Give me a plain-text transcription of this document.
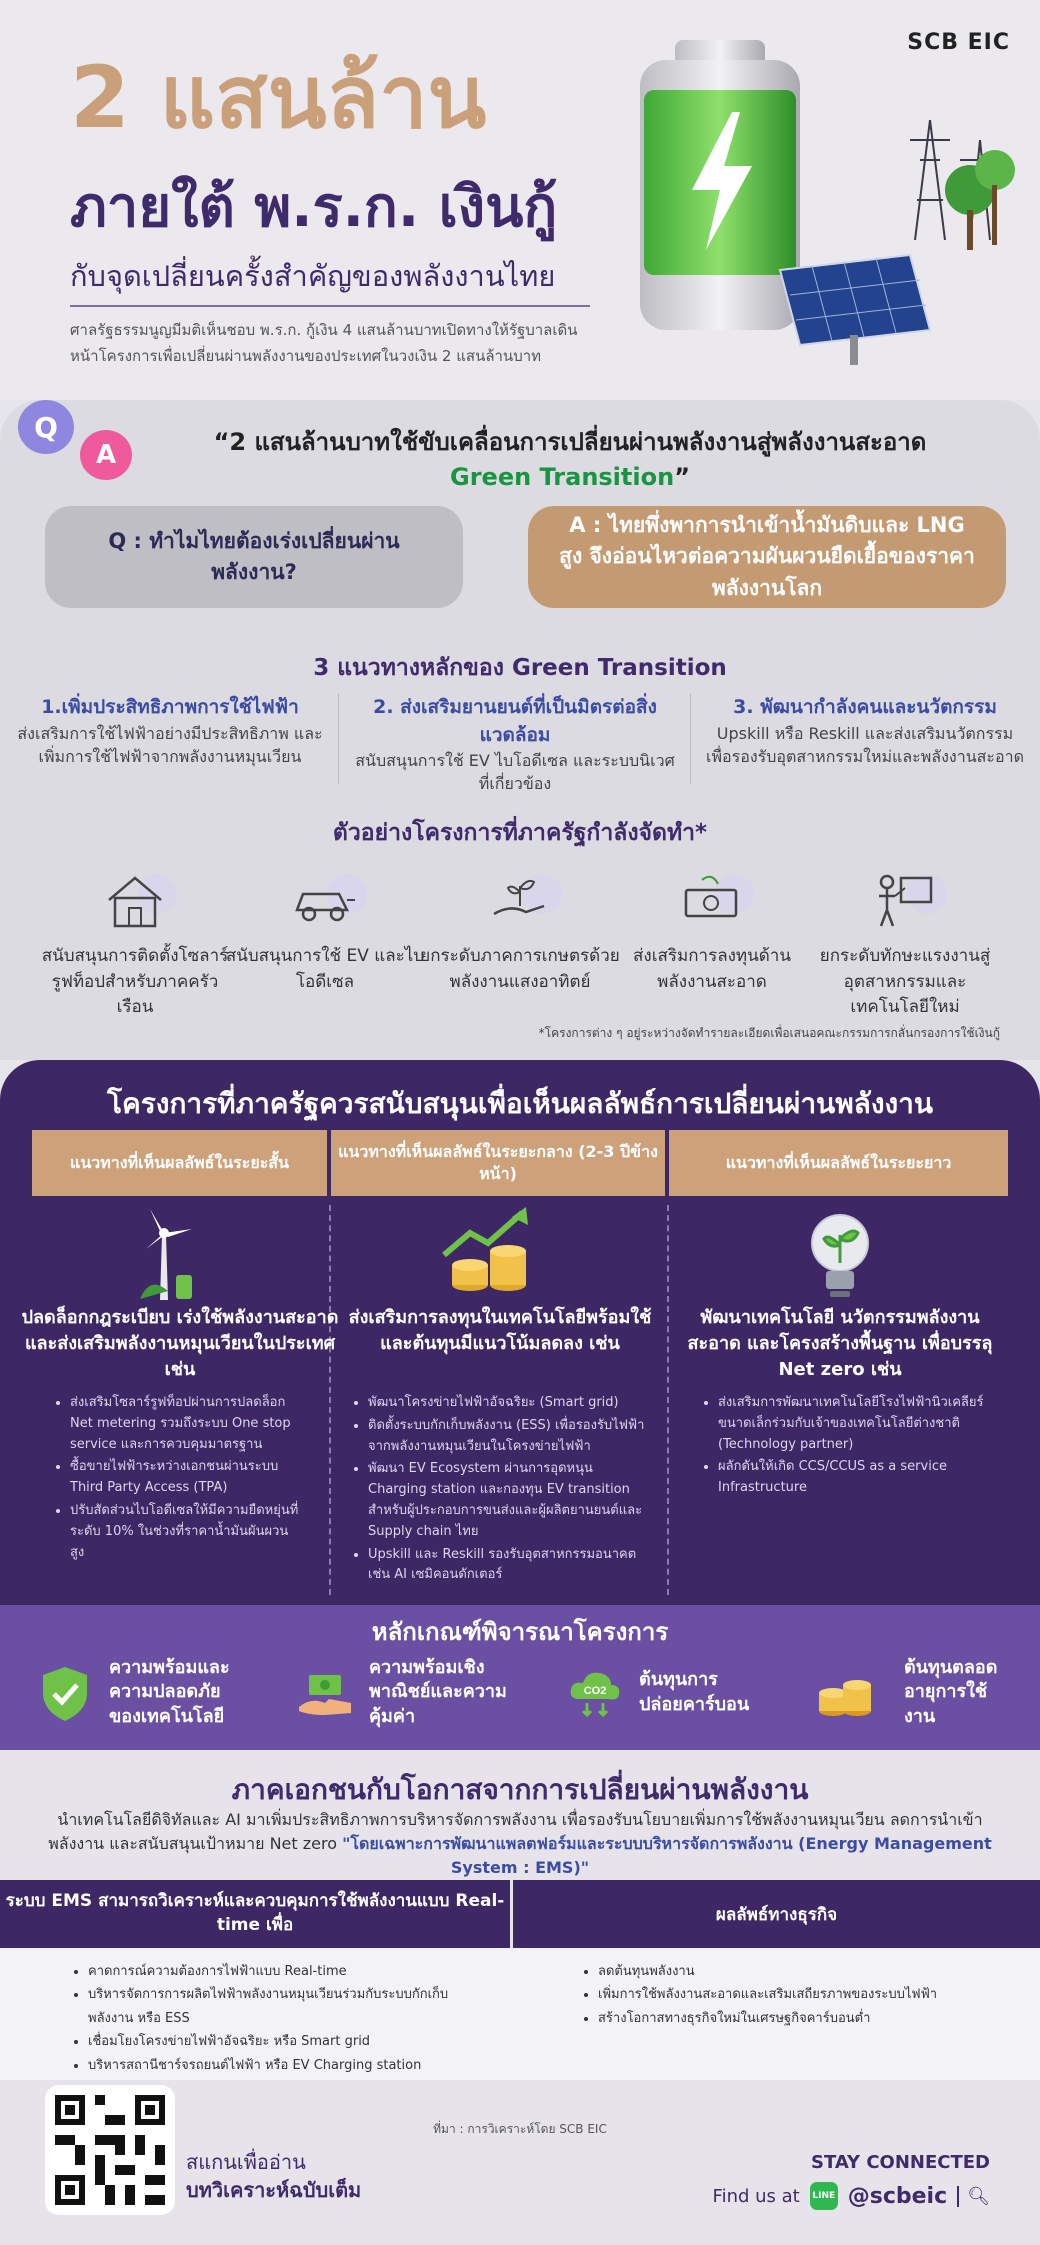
SCB EIC
2 แสนล้าน
ภายใต้ พ.ร.ก. เงินกู้
กับจุดเปลี่ยนครั้งสำคัญของพลังงานไทย
ศาลรัฐธรรมนูญมีมติเห็นชอบ พ.ร.ก. กู้เงิน 4 แสนล้านบาทเปิดทางให้รัฐบาลเดินหน้าโครงการเพื่อเปลี่ยนผ่านพลังงานของประเทศในวงเงิน 2 แสนล้านบาท
Q
A	“2 แสนล้านบาทใช้ขับเคลื่อนการเปลี่ยนผ่านพลังงานสู่พลังงานสะอาด
Green Transition”
Q : ทำไมไทยต้องเร่งเปลี่ยนผ่านพลังงาน?
A : ไทยพึ่งพาการนำเข้าน้ำมันดิบและ LNG สูง จึงอ่อนไหวต่อความผันผวนยืดเยื้อของราคาพลังงานโลก
3 แนวทางหลักของ Green Transition
1.เพิ่มประสิทธิภาพการใช้ไฟฟ้า
ส่งเสริมการใช้ไฟฟ้าอย่างมีประสิทธิภาพ และเพิ่มการใช้ไฟฟ้าจากพลังงานหมุนเวียน
2. ส่งเสริมยานยนต์ที่เป็นมิตรต่อสิ่งแวดล้อม
สนับสนุนการใช้ EV ไบโอดีเซล และระบบนิเวศที่เกี่ยวข้อง
3. พัฒนากำลังคนและนวัตกรรม
Upskill หรือ Reskill และส่งเสริมนวัตกรรม เพื่อรองรับอุตสาหกรรมใหม่และพลังงานสะอาด
ตัวอย่างโครงการที่ภาครัฐกำลังจัดทำ*
สนับสนุนการติดตั้งโซลาร์รูฟท็อปสำหรับภาคครัวเรือน
สนับสนุนการใช้ EV และไบโอดีเซล
ยกระดับภาคการเกษตรด้วยพลังงานแสงอาทิตย์
ส่งเสริมการลงทุนด้านพลังงานสะอาด
ยกระดับทักษะแรงงานสู่อุตสาหกรรมและเทคโนโลยีใหม่
*โครงการต่าง ๆ อยู่ระหว่างจัดทำรายละเอียดเพื่อเสนอคณะกรรมการกลั่นกรองการใช้เงินกู้
โครงการที่ภาครัฐควรสนับสนุนเพื่อเห็นผลลัพธ์การเปลี่ยนผ่านพลังงาน
แนวทางที่เห็นผลลัพธ์ในระยะสั้น
แนวทางที่เห็นผลลัพธ์ในระยะกลาง (2-3 ปีข้างหน้า)
แนวทางที่เห็นผลลัพธ์ในระยะยาว
ปลดล็อกกฎระเบียบ เร่งใช้พลังงานสะอาดและส่งเสริมพลังงานหมุนเวียนในประเทศ เช่น
ส่งเสริมการลงทุนในเทคโนโลยีพร้อมใช้ และต้นทุนมีแนวโน้มลดลง เช่น
พัฒนาเทคโนโลยี นวัตกรรมพลังงานสะอาด และโครงสร้างพื้นฐาน เพื่อบรรลุ Net zero เช่น
• ส่งเสริมโซลาร์รูฟท็อปผ่านการปลดล็อก Net metering รวมถึงระบบ One stop service และการควบคุมมาตรฐาน
• ซื้อขายไฟฟ้าระหว่างเอกชนผ่านระบบ Third Party Access (TPA)
• ปรับสัดส่วนไบโอดีเซลให้มีความยืดหยุ่นที่ระดับ 10% ในช่วงที่ราคาน้ำมันผันผวนสูง
• พัฒนาโครงข่ายไฟฟ้าอัจฉริยะ (Smart grid)
• ติดตั้งระบบกักเก็บพลังงาน (ESS) เพื่อรองรับไฟฟ้าจากพลังงานหมุนเวียนในโครงข่ายไฟฟ้า
• พัฒนา EV Ecosystem ผ่านการอุดหนุน Charging station และกองทุน EV transition สำหรับผู้ประกอบการขนส่งและผู้ผลิตยานยนต์และ Supply chain ไทย
• Upskill และ Reskill รองรับอุตสาหกรรมอนาคต เช่น AI เซมิคอนดักเตอร์
• ส่งเสริมการพัฒนาเทคโนโลยีโรงไฟฟ้านิวเคลียร์ขนาดเล็กร่วมกับเจ้าของเทคโนโลยีต่างชาติ (Technology partner)
• ผลักดันให้เกิด CCS/CCUS as a service Infrastructure
หลักเกณฑ์พิจารณาโครงการ
ความพร้อมและความปลอดภัยของเทคโนโลยี
ความพร้อมเชิงพาณิชย์และความคุ้มค่า
CO2
ต้นทุนการปล่อยคาร์บอน
ต้นทุนตลอดอายุการใช้งาน
ภาคเอกชนกับโอกาสจากการเปลี่ยนผ่านพลังงาน
นำเทคโนโลยีดิจิทัลและ AI มาเพิ่มประสิทธิภาพการบริหารจัดการพลังงาน เพื่อรองรับนโยบายเพิ่มการใช้พลังงานหมุนเวียน ลดการนำเข้าพลังงาน และสนับสนุนเป้าหมาย Net zero "โดยเฉพาะการพัฒนาแพลตฟอร์มและระบบบริหารจัดการพลังงาน (Energy Management System : EMS)"
ระบบ EMS สามารถวิเคราะห์และควบคุมการใช้พลังงานแบบ Real-time เพื่อ
ผลลัพธ์ทางธุรกิจ
• คาดการณ์ความต้องการไฟฟ้าแบบ Real-time
• บริหารจัดการการผลิตไฟฟ้าพลังงานหมุนเวียนร่วมกับระบบกักเก็บพลังงาน หรือ ESS
• เชื่อมโยงโครงข่ายไฟฟ้าอัจฉริยะ หรือ Smart grid
• บริหารสถานีชาร์จรถยนต์ไฟฟ้า หรือ EV Charging station
• ลดต้นทุนพลังงาน
• เพิ่มการใช้พลังงานสะอาดและเสริมเสถียรภาพของระบบไฟฟ้า
• สร้างโอกาสทางธุรกิจใหม่ในเศรษฐกิจคาร์บอนต่ำ
ที่มา : การวิเคราะห์โดย SCB EIC
สแกนเพื่ออ่าน
บทวิเคราะห์ฉบับเต็ม
STAY CONNECTED
Find us at LINE @scbeic	🔍︎
